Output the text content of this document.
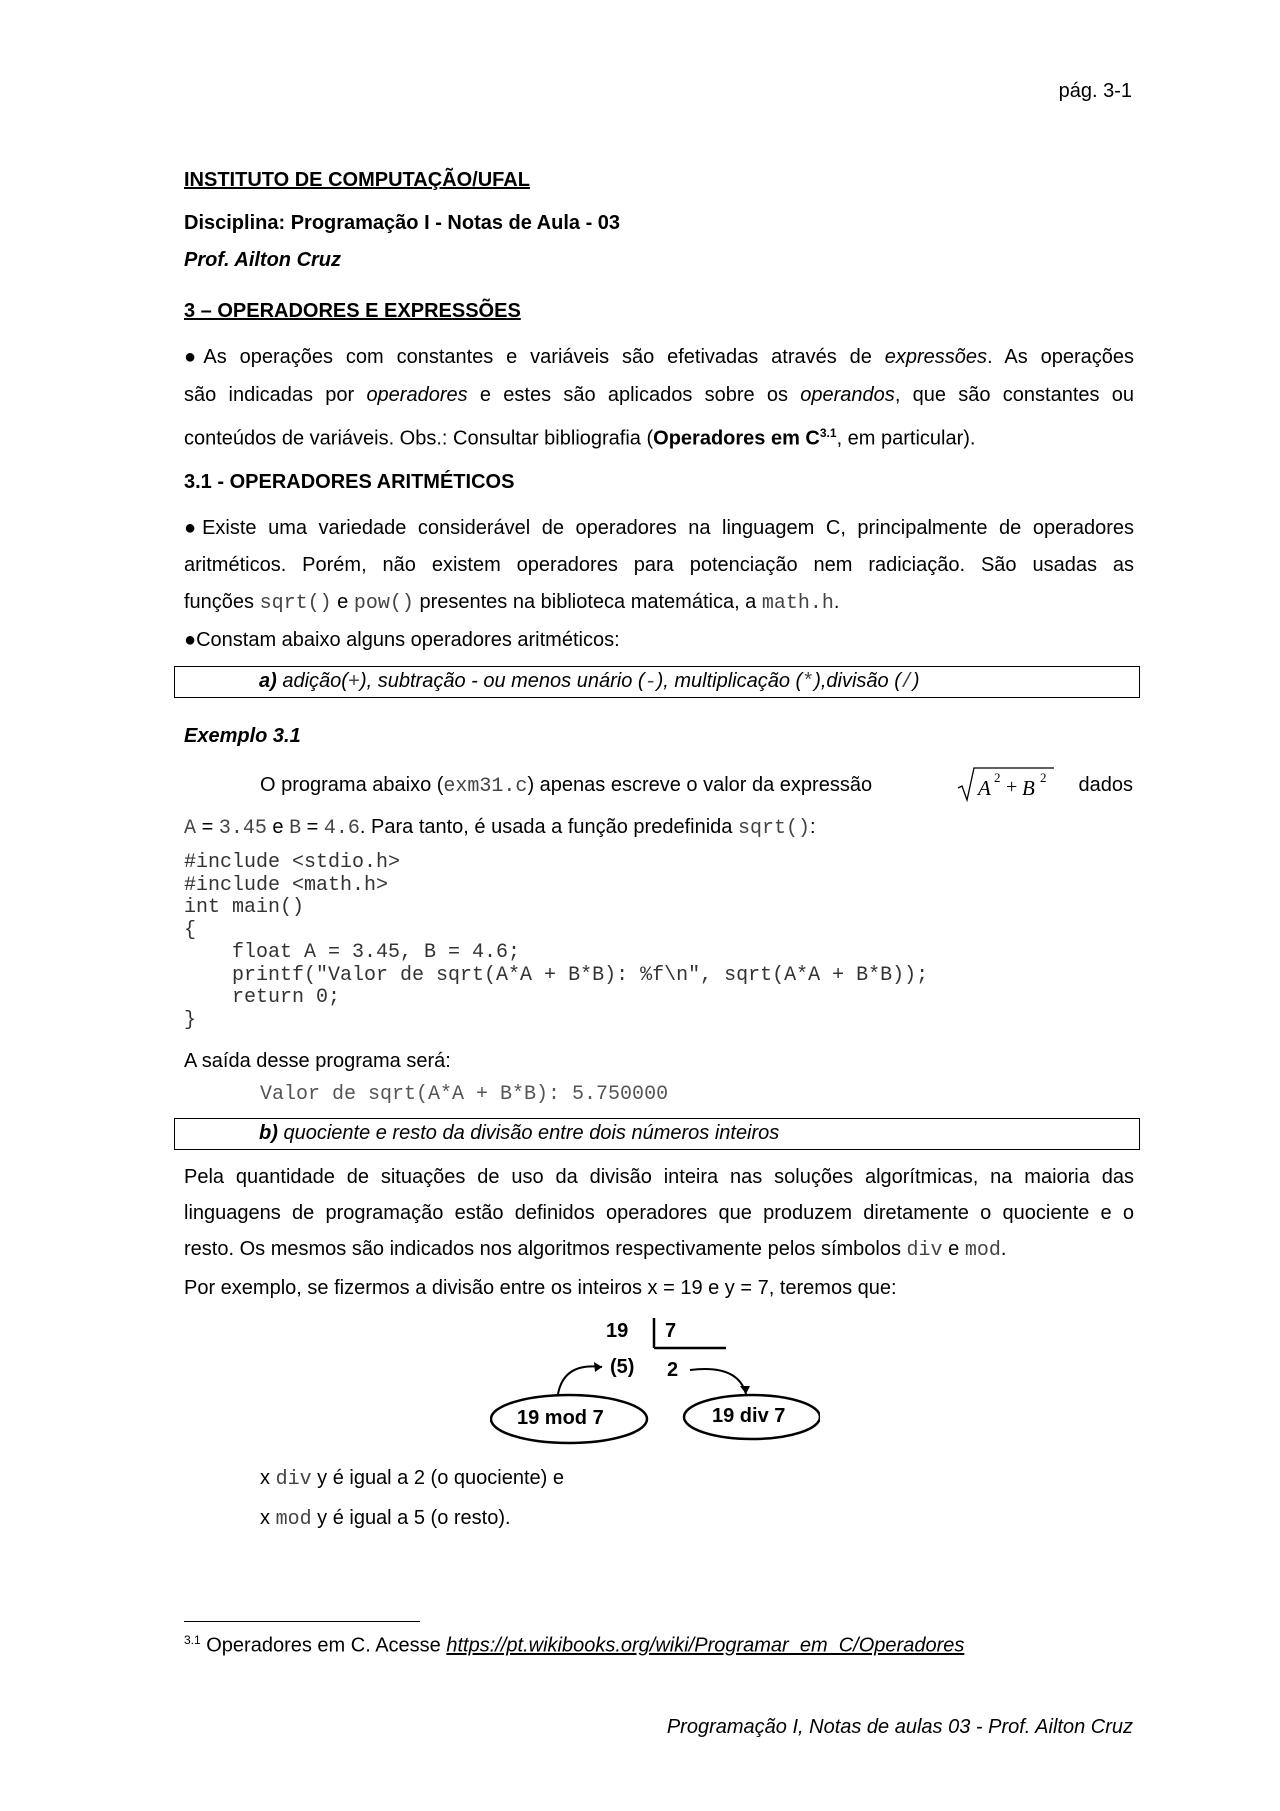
pág. 3-1
INSTITUTO DE COMPUTAÇÃO/UFAL
Disciplina: Programação I - Notas de Aula - 03
Prof. Ailton Cruz
3 – OPERADORES E EXPRESSÕES
●As operações com constantes e variáveis são efetivadas através de expressões. As operações
são indicadas por operadores e estes são aplicados sobre os operandos, que são constantes ou
conteúdos de variáveis. Obs.: Consultar bibliografia (Operadores em $C^{3.1}$, em particular).
3.1 - OPERADORES ARITMÉTICOS
●Existe uma variedade considerável de operadores na linguagem C, principalmente de operadores
aritméticos. Porém, não existem operadores para potenciação nem radiciação. São usadas as
funções sqrt() e pow() presentes na biblioteca matemática, a math.h.
●Constam abaixo alguns operadores aritméticos:
a) adição(+), subtração - ou menos unário (-), multiplicação (*),divisão (/)
Exemplo 3.1
O programa abaixo (exm31.c) apenas escreve o valor da expressão	A 2 + B 2 dados
A = 3.45 e B = 4.6. Para tanto, é usada a função predefinida sqrt():
#include <stdio.h>
#include <math.h>
int main()
{
float A = 3.45, B = 4.6;
printf("Valor de sqrt(A*A + B*B): %f\n", sqrt(A*A + B*B));
return 0;
}
A saída desse programa será:
Valor de sqrt(A*A + B*B): 5.750000
b) quociente e resto da divisão entre dois números inteiros
Pela quantidade de situações de uso da divisão inteira nas soluções algorítmicas, na maioria das
linguagens de programação estão definidos operadores que produzem diretamente o quociente e o
resto. Os mesmos são indicados nos algoritmos respectivamente pelos símbolos div e mod.
Por exemplo, se fizermos a divisão entre os inteiros x = 19 e y = 7, teremos que:
19 7
(5) 2
19 mod 7	19 div 7
x div y é igual a 2 (o quociente) e
x mod y é igual a 5 (o resto).
$^{3.1}$ Operadores em C. Acesse https://pt.wikibooks.org/wiki/Programar_em_C/Operadores
Programação I, Notas de aulas 03 - Prof. Ailton Cruz
